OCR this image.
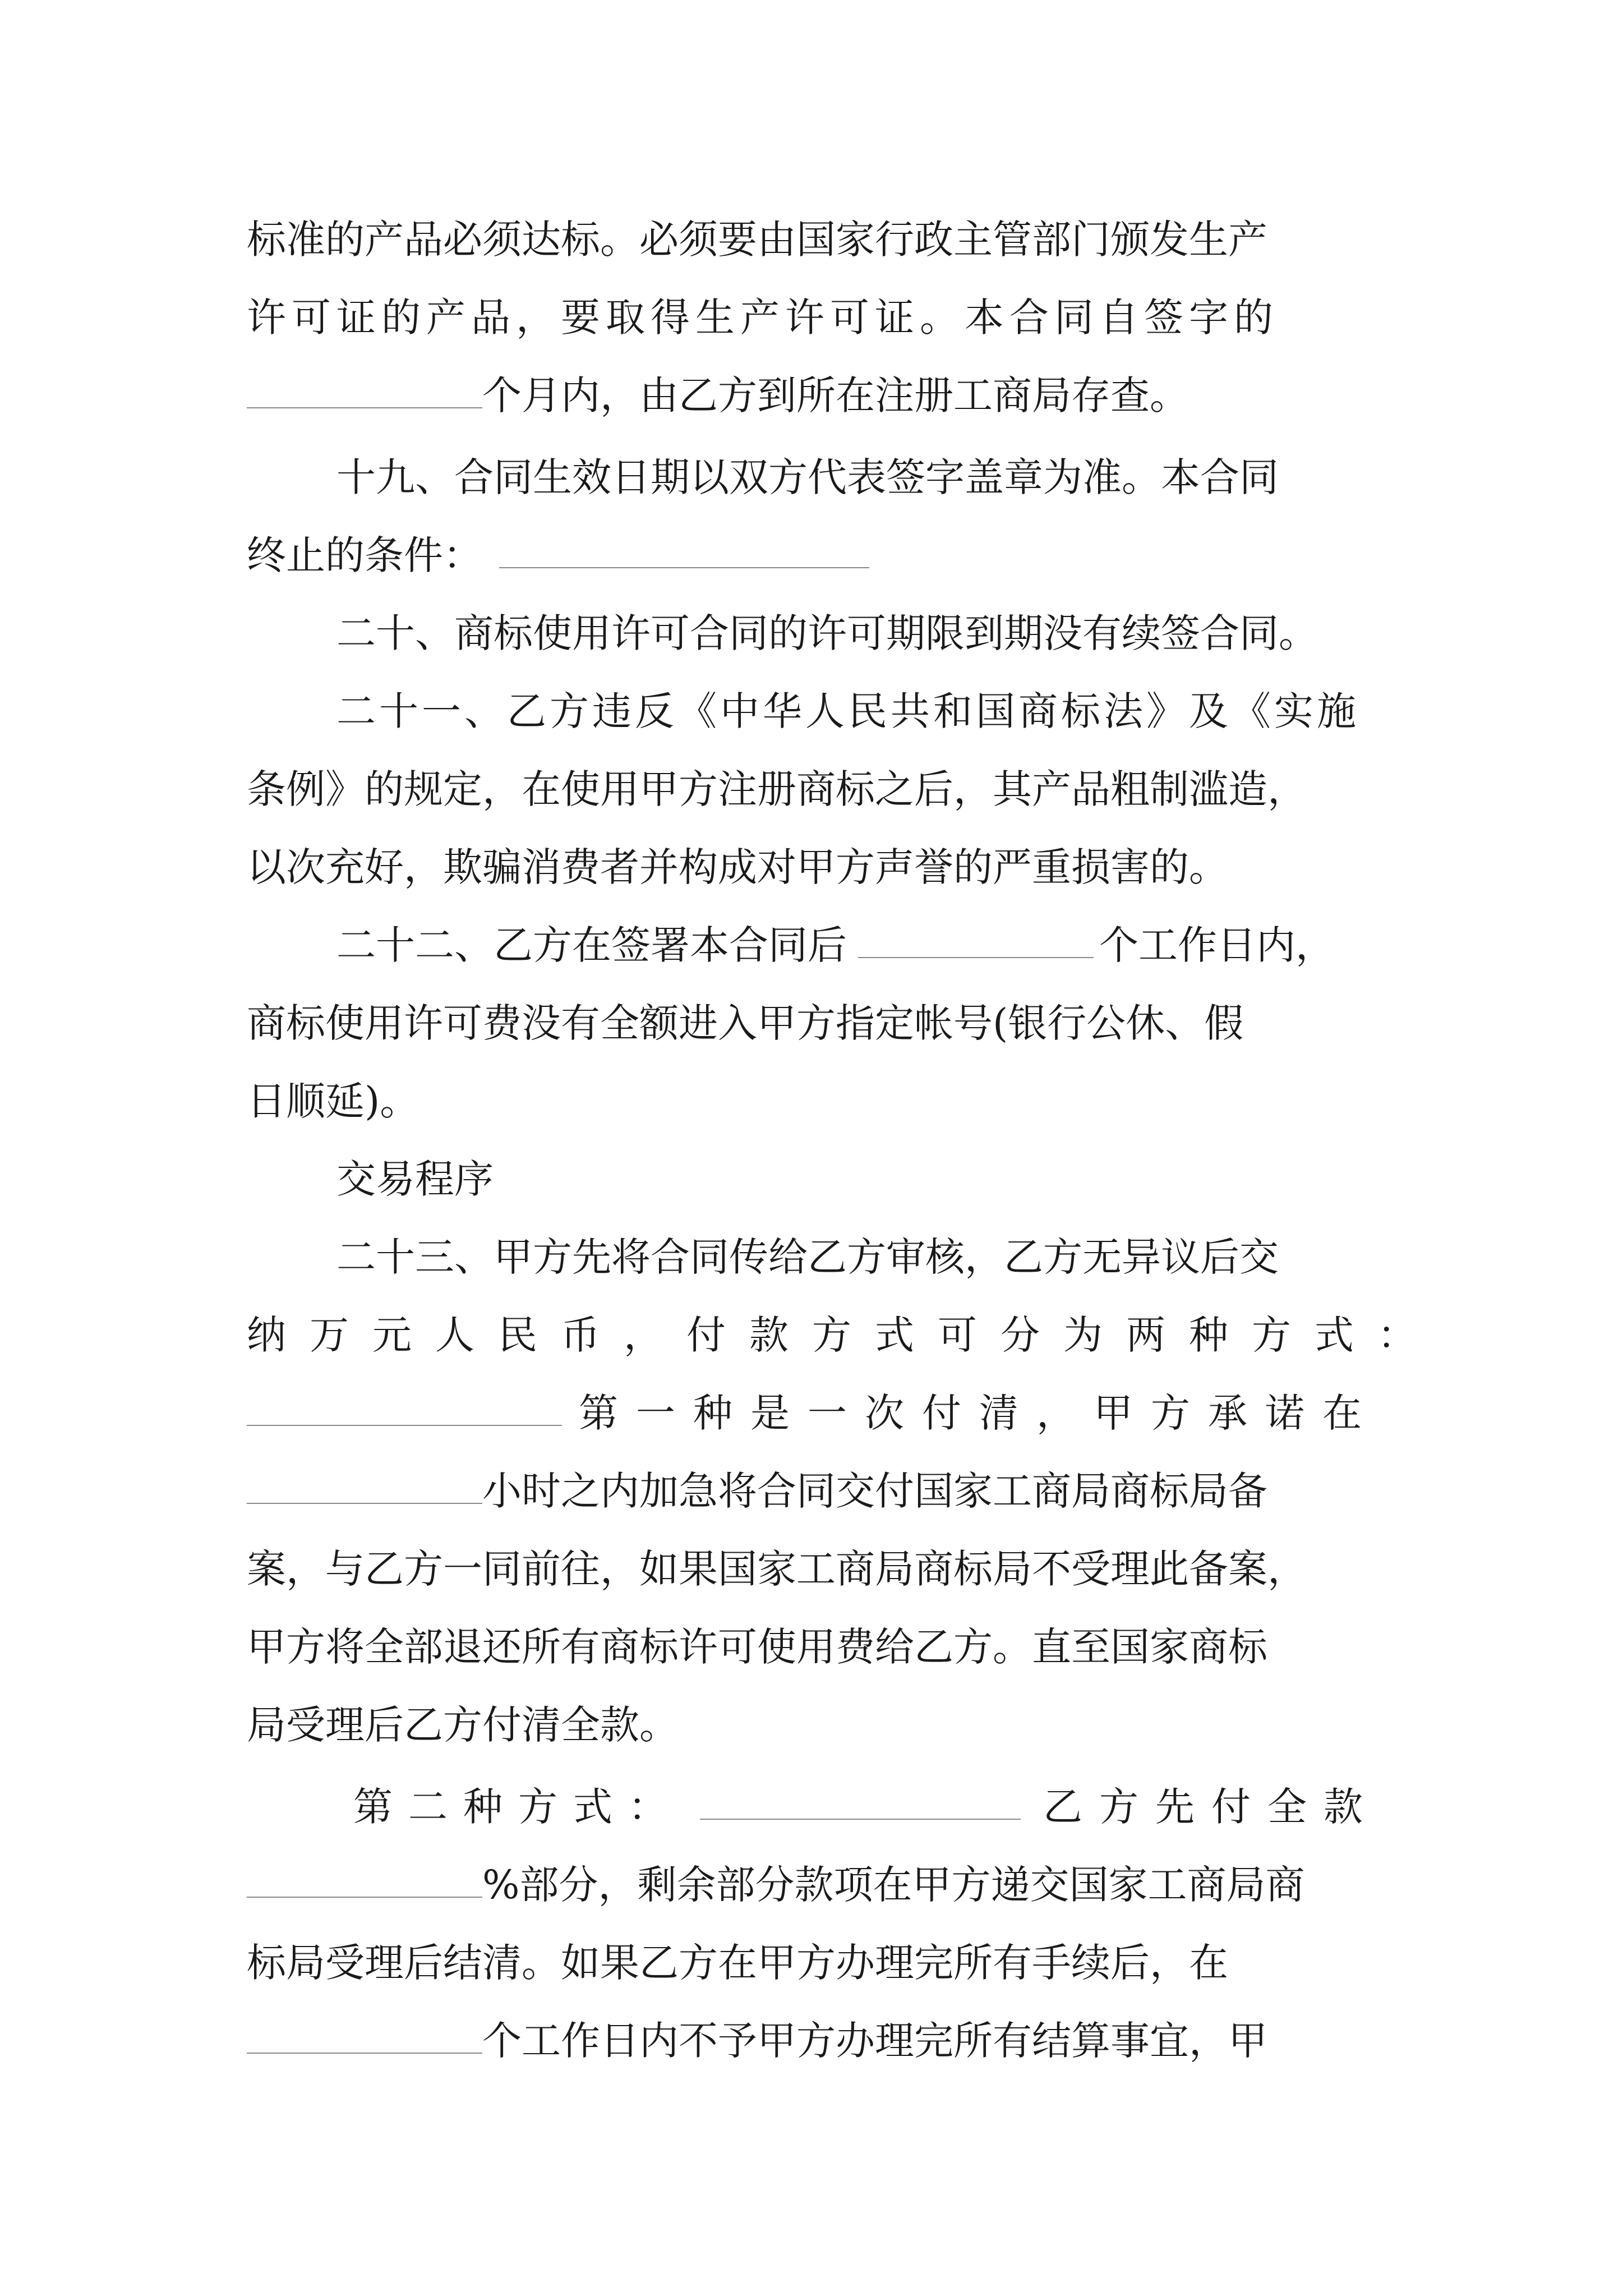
标准的产品必须达标。必须要由国家行政主管部门颁发生产
许可证的产品，要取得生产许可证。本合同自签字的
个月内，由乙方到所在注册工商局存查。
十九、合同生效日期以双方代表签字盖章为准。本合同
终止的条件：
二十、商标使用许可合同的许可期限到期没有续签合同。
二十一、乙方违反《中华人民共和国商标法》及《实施
条例》的规定，在使用甲方注册商标之后，其产品粗制滥造，
以次充好，欺骗消费者并构成对甲方声誉的严重损害的。
二十二、乙方在签署本合同后	个工作日内，
商标使用许可费没有全额进入甲方指定帐号(银行公休、假
日顺延)。
交易程序
二十三、甲方先将合同传给乙方审核，乙方无异议后交
纳万元人民币，付款方式可分为两种方式：
第一种是一次付清，甲方承诺在
小时之内加急将合同交付国家工商局商标局备
案，与乙方一同前往，如果国家工商局商标局不受理此备案，
甲方将全部退还所有商标许可使用费给乙方。直至国家商标
局受理后乙方付清全款。
第二种方式：	乙方先付全款
%部分，剩余部分款项在甲方递交国家工商局商
标局受理后结清。如果乙方在甲方办理完所有手续后，在
个工作日内不予甲方办理完所有结算事宜，甲
